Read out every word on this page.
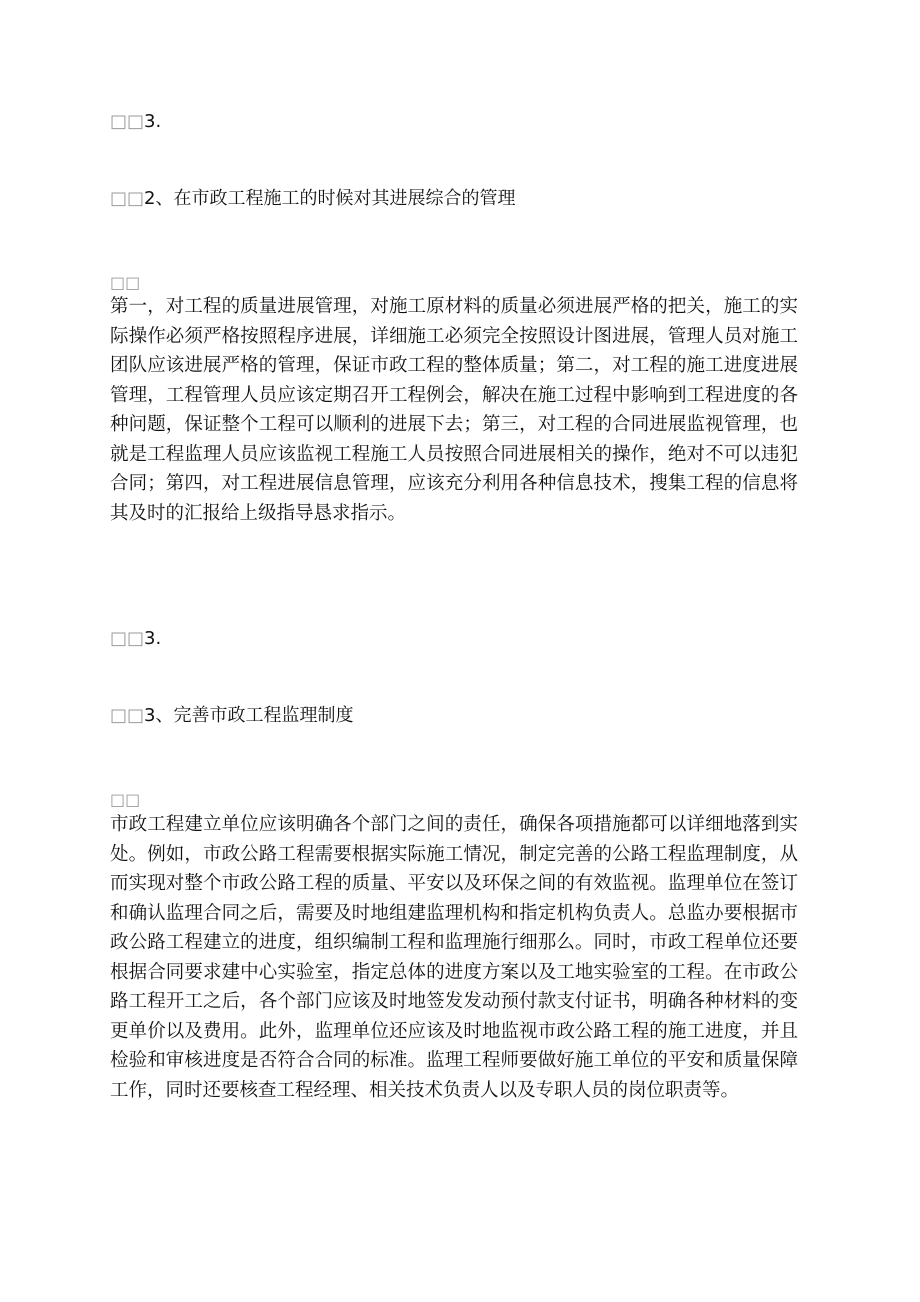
□□3.
□□2、在市政工程施工的时候对其进展综合的管理
□□

第一，对工程的质量进展管理，对施工原材料的质量必须进展严格的把关，施工的实际操作必须严格按照程序进展，详细施工必须完全按照设计图进展，管理人员对施工团队应该进展严格的管理，保证市政工程的整体质量；第二，对工程的施工进度进展管理，工程管理人员应该定期召开工程例会，解决在施工过程中影响到工程进度的各种问题，保证整个工程可以顺利的进展下去；第三，对工程的合同进展监视管理，也就是工程监理人员应该监视工程施工人员按照合同进展相关的操作，绝对不可以违犯合同；第四，对工程进展信息管理，应该充分利用各种信息技术，搜集工程的信息将其及时的汇报给上级指导恳求指示。

□□3.
□□3、完善市政工程监理制度
□□

市政工程建立单位应该明确各个部门之间的责任，确保各项措施都可以详细地落到实处。例如，市政公路工程需要根据实际施工情况，制定完善的公路工程监理制度，从而实现对整个市政公路工程的质量、平安以及环保之间的有效监视。监理单位在签订和确认监理合同之后，需要及时地组建监理机构和指定机构负责人。总监办要根据市政公路工程建立的进度，组织编制工程和监理施行细那么。同时，市政工程单位还要根据合同要求建中心实验室，指定总体的进度方案以及工地实验室的工程。在市政公路工程开工之后，各个部门应该及时地签发发动预付款支付证书，明确各种材料的变更单价以及费用。此外，监理单位还应该及时地监视市政公路工程的施工进度，并且检验和审核进度是否符合合同的标准。监理工程师要做好施工单位的平安和质量保障工作，同时还要核查工程经理、相关技术负责人以及专职人员的岗位职责等。
